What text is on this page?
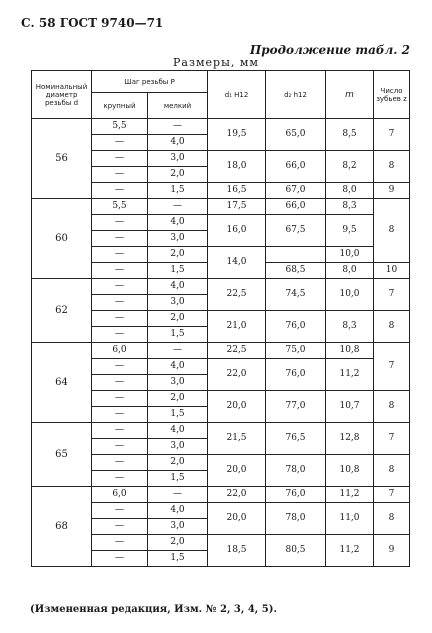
С. 58 ГОСТ 9740—71
Продолжение табл. 2
Размеры, мм
Номинальный диаметр резьбы d	Шаг резьбы P		d₁ H12	d₂ h12	m	Число зубьев z
	крупный	мелкий				
56	5,5	—	19,5	65,0	8,5	7
	—	4,0				
	—	3,0	18,0	66,0	8,2	8
	—	2,0				
	—	1,5	16,5	67,0	8,0	9
60	5,5	—	17,5	66,0	8,3	8
	—	4,0	16,0	67,5	9,5	
	—	3,0				
	—	2,0	14,0		10,0	
	—	1,5		68,5	8,0	10
62	—	4,0	22,5	74,5	10,0	7
	—	3,0				
	—	2,0	21,0	76,0	8,3	8
	—	1,5				
64	6,0	—	22,5	75,0	10,8	7
	—	4,0	22,0	76,0	11,2	
	—	3,0				
	—	2,0	20,0	77,0	10,7	8
	—	1,5				
65	—	4,0	21,5	76,5	12,8	7
	—	3,0				
	—	2,0	20,0	78,0	10,8	8
	—	1,5				
68	6,0	—	22,0	76,0	11,2	7
	—	4,0	20,0	78,0	11,0	8
	—	3,0				
	—	2,0	18,5	80,5	11,2	9
	—	1,5				
(Измененная редакция, Изм. № 2, 3, 4, 5).
